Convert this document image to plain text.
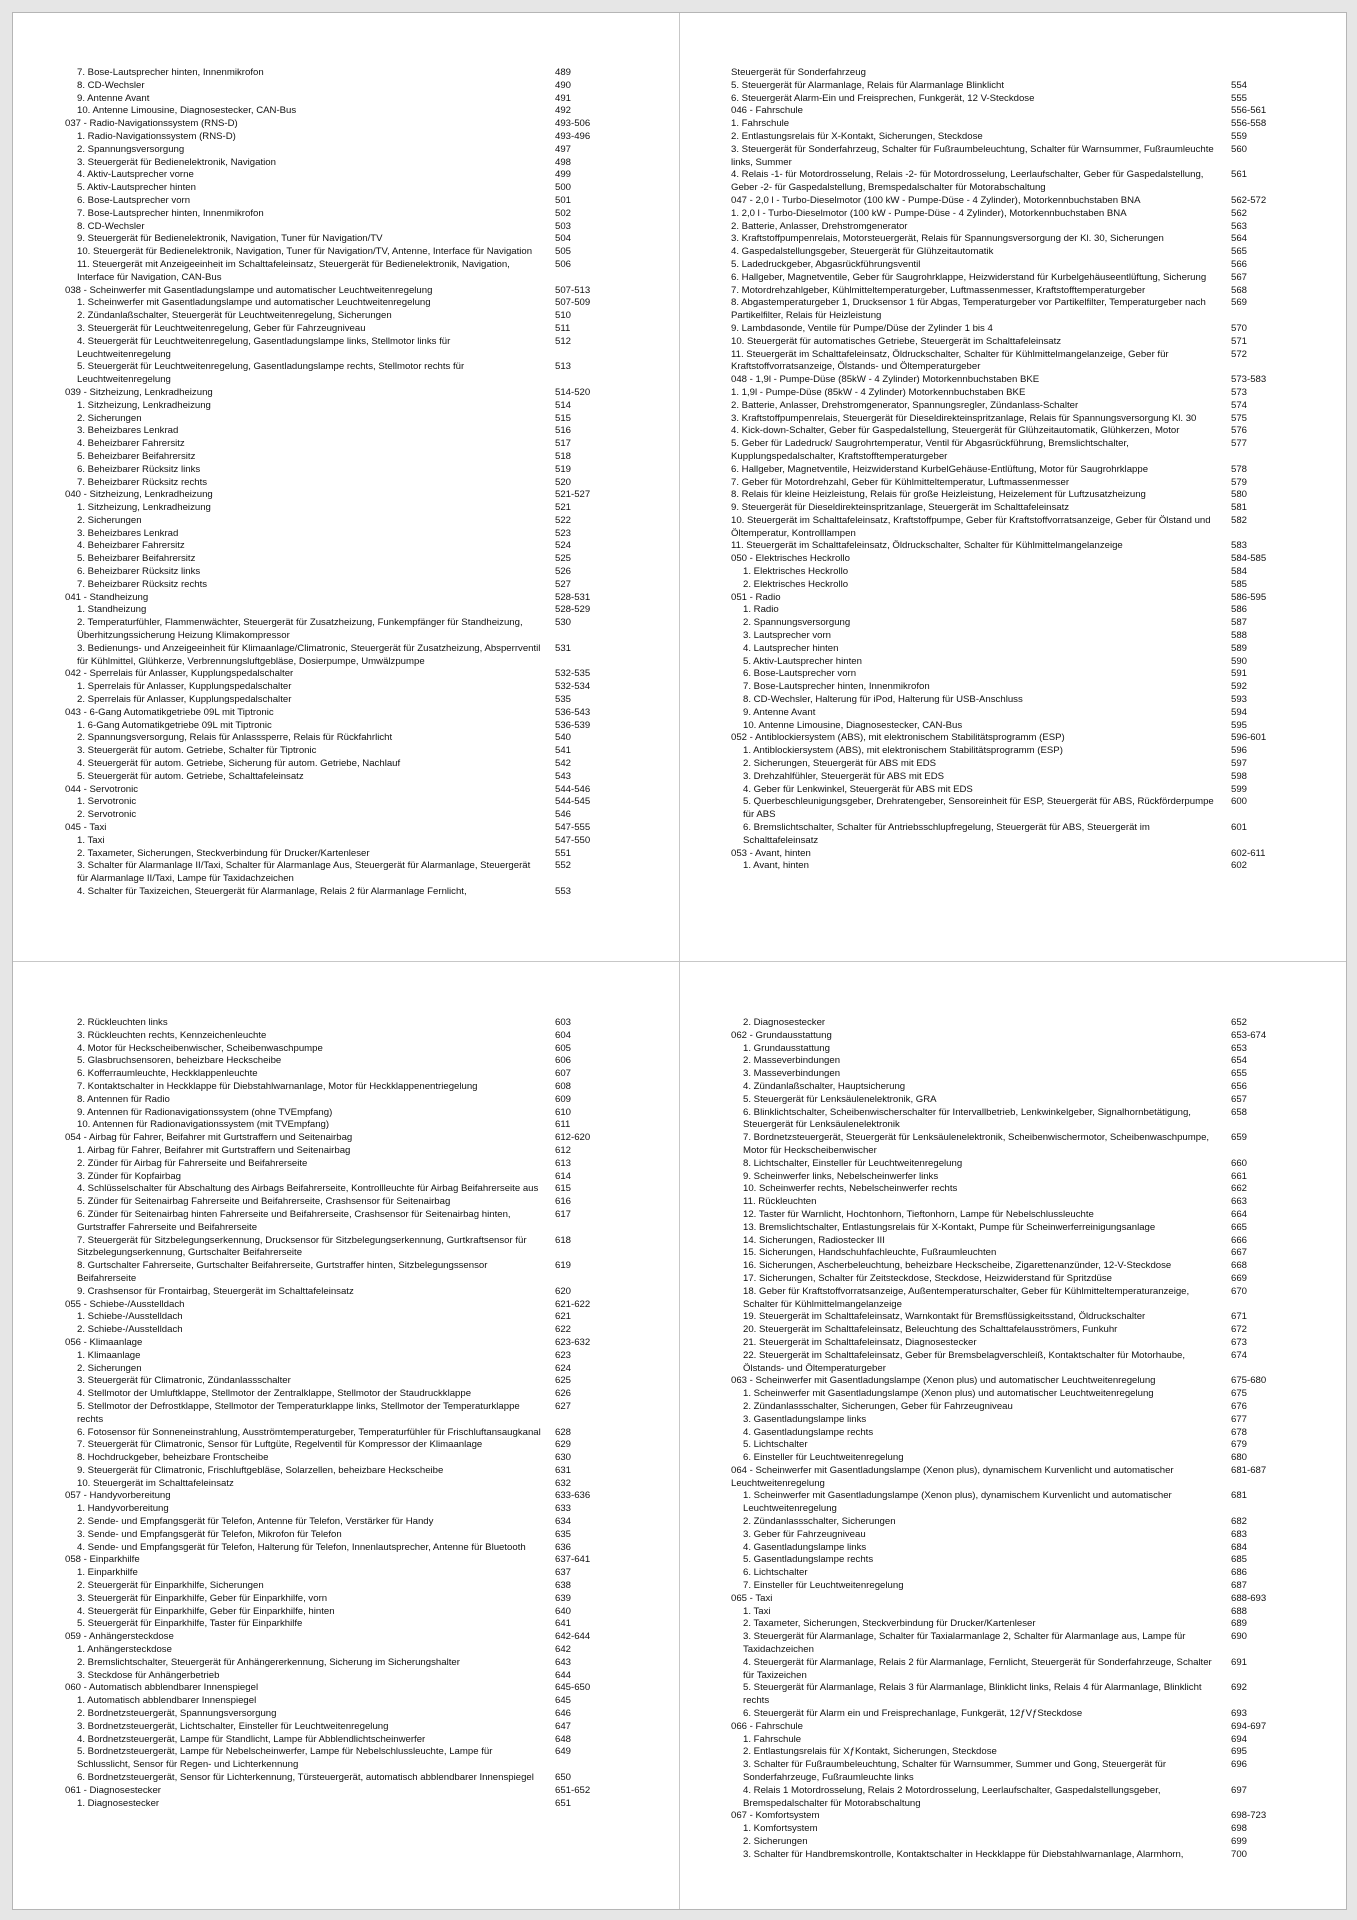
7. Bose-Lautsprecher hinten, Innenmikrofon	489
8. CD-Wechsler	490
9. Antenne Avant	491
10. Antenne Limousine, Diagnosestecker, CAN-Bus	492
037 - Radio-Navigationssystem (RNS-D)	493-506
1. Radio-Navigationssystem (RNS-D)	493-496
2. Spannungsversorgung	497
3. Steuergerät für Bedienelektronik, Navigation	498
4. Aktiv-Lautsprecher vorne	499
5. Aktiv-Lautsprecher hinten	500
6. Bose-Lautsprecher vorn	501
7. Bose-Lautsprecher hinten, Innenmikrofon	502
8. CD-Wechsler	503
9. Steuergerät für Bedienelektronik, Navigation, Tuner für Navigation/TV	504
10. Steuergerät für Bedienelektronik, Navigation, Tuner für Navigation/TV, Antenne, Interface für Navigation	505
11. Steuergerät mit Anzeigeeinheit im Schalttafeleinsatz, Steuergerät für Bedienelektronik, Navigation, Interface für Navigation, CAN-Bus
506
038 - Scheinwerfer mit Gasentladungslampe und automatischer Leuchtweitenregelung	507-513
1. Scheinwerfer mit Gasentladungslampe und automatischer Leuchtweitenregelung	507-509
2. Zündanlaßschalter, Steuergerät für Leuchtweitenregelung, Sicherungen	510
3. Steuergerät für Leuchtweitenregelung, Geber für Fahrzeugniveau	511
4. Steuergerät für Leuchtweitenregelung, Gasentladungslampe links, Stellmotor links für Leuchtweitenregelung
512
5. Steuergerät für Leuchtweitenregelung, Gasentladungslampe rechts, Stellmotor rechts für Leuchtweitenregelung
513
039 - Sitzheizung, Lenkradheizung	514-520
1. Sitzheizung, Lenkradheizung	514
2. Sicherungen	515
3. Beheizbares Lenkrad	516
4. Beheizbarer Fahrersitz	517
5. Beheizbarer Beifahrersitz	518
6. Beheizbarer Rücksitz links	519
7. Beheizbarer Rücksitz rechts	520
040 - Sitzheizung, Lenkradheizung	521-527
1. Sitzheizung, Lenkradheizung	521
2. Sicherungen	522
3. Beheizbares Lenkrad	523
4. Beheizbarer Fahrersitz	524
5. Beheizbarer Beifahrersitz	525
6. Beheizbarer Rücksitz links	526
7. Beheizbarer Rücksitz rechts	527
041 - Standheizung	528-531
1. Standheizung	528-529
2. Temperaturfühler, Flammenwächter, Steuergerät für Zusatzheizung, Funkempfänger für Standheizung, Überhitzungssicherung Heizung Klimakompressor
530
3. Bedienungs- und Anzeigeeinheit für Klimaanlage/Climatronic, Steuergerät für Zusatzheizung, Absperrventil für Kühlmittel, Glühkerze, Verbrennungsluftgebläse, Dosierpumpe, Umwälzpumpe
531
042 - Sperrelais für Anlasser, Kupplungspedalschalter	532-535
1. Sperrelais für Anlasser, Kupplungspedalschalter	532-534
2. Sperrelais für Anlasser, Kupplungspedalschalter	535
043 - 6-Gang Automatikgetriebe 09L mit Tiptronic	536-543
1. 6-Gang Automatikgetriebe 09L mit Tiptronic	536-539
2. Spannungsversorgung, Relais für Anlasssperre, Relais für Rückfahrlicht	540
3. Steuergerät für autom. Getriebe, Schalter für Tiptronic	541
4. Steuergerät für autom. Getriebe, Sicherung für autom. Getriebe, Nachlauf	542
5. Steuergerät für autom. Getriebe, Schalttafeleinsatz	543
044 - Servotronic	544-546
1. Servotronic	544-545
2. Servotronic	546
045 - Taxi	547-555
1. Taxi	547-550
2. Taxameter, Sicherungen, Steckverbindung für Drucker/Kartenleser	551
3. Schalter für Alarmanlage II/Taxi, Schalter für Alarmanlage Aus, Steuergerät für Alarmanlage, Steuergerät für Alarmanlage II/Taxi, Lampe für Taxidachzeichen
552
4. Schalter für Taxizeichen, Steuergerät für Alarmanlage, Relais 2 für Alarmanlage Fernlicht,	553
Steuergerät für Sonderfahrzeug
5. Steuergerät für Alarmanlage, Relais für Alarmanlage Blinklicht	554
6. Steuergerät Alarm-Ein und Freisprechen, Funkgerät, 12 V-Steckdose	555
046 - Fahrschule	556-561
1. Fahrschule	556-558
2. Entlastungsrelais für X-Kontakt, Sicherungen, Steckdose	559
3. Steuergerät für Sonderfahrzeug, Schalter für Fußraumbeleuchtung, Schalter für Warnsummer, Fußraumleuchte links, Summer
560
4. Relais -1- für Motordrosselung, Relais -2- für Motordrosselung, Leerlaufschalter, Geber für Gaspedalstellung, Geber -2- für Gaspedalstellung, Bremspedalschalter für Motorabschaltung
561
047 - 2,0 l - Turbo-Dieselmotor (100 kW - Pumpe-Düse - 4 Zylinder), Motorkennbuchstaben BNA	562-572
1. 2,0 l - Turbo-Dieselmotor (100 kW - Pumpe-Düse - 4 Zylinder), Motorkennbuchstaben BNA	562
2. Batterie, Anlasser, Drehstromgenerator	563
3. Kraftstoffpumpenrelais, Motorsteuergerät, Relais für Spannungsversorgung der Kl. 30, Sicherungen	564
4. Gaspedalstellungsgeber, Steuergerät für Glühzeitautomatik	565
5. Ladedruckgeber, Abgasrückführungsventil	566
6. Hallgeber, Magnetventile, Geber für Saugrohrklappe, Heizwiderstand für Kurbelgehäuseentlüftung, Sicherung	567
7. Motordrehzahlgeber, Kühlmitteltemperaturgeber, Luftmassenmesser, Kraftstofftemperaturgeber	568
8. Abgastemperaturgeber 1, Drucksensor 1 für Abgas, Temperaturgeber vor Partikelfilter, Temperaturgeber nach Partikelfilter, Relais für Heizleistung
569
9. Lambdasonde, Ventile für Pumpe/Düse der Zylinder 1 bis 4	570
10. Steuergerät für automatisches Getriebe, Steuergerät im Schalttafeleinsatz	571
11. Steuergerät im Schalttafeleinsatz, Öldruckschalter, Schalter für Kühlmittelmangelanzeige, Geber für Kraftstoffvorratsanzeige, Ölstands- und Öltemperaturgeber
572
048 - 1,9l - Pumpe-Düse (85kW - 4 Zylinder) Motorkennbuchstaben BKE	573-583
1. 1,9l - Pumpe-Düse (85kW - 4 Zylinder) Motorkennbuchstaben BKE	573
2. Batterie, Anlasser, Drehstromgenerator, Spannungsregler, Zündanlass-Schalter	574
3. Kraftstoffpumpenrelais, Steuergerät für Dieseldirekteinspritzanlage, Relais für Spannungsversorgung Kl. 30	575
4. Kick-down-Schalter, Geber für Gaspedalstellung, Steuergerät für Glühzeitautomatik, Glühkerzen, Motor	576
5. Geber für Ladedruck/ Saugrohrtemperatur, Ventil für Abgasrückführung, Bremslichtschalter, Kupplungspedalschalter, Kraftstofftemperaturgeber
577
6. Hallgeber, Magnetventile, Heizwiderstand KurbelGehäuse-Entlüftung, Motor für Saugrohrklappe	578
7. Geber für Motordrehzahl, Geber für Kühlmitteltemperatur, Luftmassenmesser	579
8. Relais für kleine Heizleistung, Relais für große Heizleistung, Heizelement für Luftzusatzheizung	580
9. Steuergerät für Dieseldirekteinspritzanlage, Steuergerät im Schalttafeleinsatz	581
10. Steuergerät im Schalttafeleinsatz, Kraftstoffpumpe, Geber für Kraftstoffvorratsanzeige, Geber für Ölstand und Öltemperatur, Kontrolllampen
582
11. Steuergerät im Schalttafeleinsatz, Öldruckschalter, Schalter für Kühlmittelmangelanzeige	583
050 - Elektrisches Heckrollo	584-585
1. Elektrisches Heckrollo	584
2. Elektrisches Heckrollo	585
051 - Radio	586-595
1. Radio	586
2. Spannungsversorgung	587
3. Lautsprecher vorn	588
4. Lautsprecher hinten	589
5. Aktiv-Lautsprecher hinten	590
6. Bose-Lautsprecher vorn	591
7. Bose-Lautsprecher hinten, Innenmikrofon	592
8. CD-Wechsler, Halterung für iPod, Halterung für USB-Anschluss	593
9. Antenne Avant	594
10. Antenne Limousine, Diagnosestecker, CAN-Bus	595
052 - Antiblockiersystem (ABS), mit elektronischem Stabilitätsprogramm (ESP)	596-601
1. Antiblockiersystem (ABS), mit elektronischem Stabilitätsprogramm (ESP)	596
2. Sicherungen, Steuergerät für ABS mit EDS	597
3. Drehzahlfühler, Steuergerät für ABS mit EDS	598
4. Geber für Lenkwinkel, Steuergerät für ABS mit EDS	599
5. Querbeschleunigungsgeber, Drehratengeber, Sensoreinheit für ESP, Steuergerät für ABS, Rückförderpumpe für ABS
600
6. Bremslichtschalter, Schalter für Antriebsschlupfregelung, Steuergerät für ABS, Steuergerät im Schalttafeleinsatz
601
053 - Avant, hinten	602-611
1. Avant, hinten	602
2. Rückleuchten links	603
3. Rückleuchten rechts, Kennzeichenleuchte	604
4. Motor für Heckscheibenwischer, Scheibenwaschpumpe	605
5. Glasbruchsensoren, beheizbare Heckscheibe	606
6. Kofferraumleuchte, Heckklappenleuchte	607
7. Kontaktschalter in Heckklappe für Diebstahlwarnanlage, Motor für Heckklappenentriegelung	608
8. Antennen für Radio	609
9. Antennen für Radionavigationssystem (ohne TVEmpfang)	610
10. Antennen für Radionavigationssystem (mit TVEmpfang)	611
054 - Airbag für Fahrer, Beifahrer mit Gurtstraffern und Seitenairbag	612-620
1. Airbag für Fahrer, Beifahrer mit Gurtstraffern und Seitenairbag	612
2. Zünder für Airbag für Fahrerseite und Beifahrerseite	613
3. Zünder für Kopfairbag	614
4. Schlüsselschalter für Abschaltung des Airbags Beifahrerseite, Kontrollleuchte für Airbag Beifahrerseite aus	615
5. Zünder für Seitenairbag Fahrerseite und Beifahrerseite, Crashsensor für Seitenairbag	616
6. Zünder für Seitenairbag hinten Fahrerseite und Beifahrerseite, Crashsensor für Seitenairbag hinten, Gurtstraffer Fahrerseite und Beifahrerseite
617
7. Steuergerät für Sitzbelegungserkennung, Drucksensor für Sitzbelegungserkennung, Gurtkraftsensor für Sitzbelegungserkennung, Gurtschalter Beifahrerseite
618
8. Gurtschalter Fahrerseite, Gurtschalter Beifahrerseite, Gurtstraffer hinten, Sitzbelegungssensor Beifahrerseite
619
9. Crashsensor für Frontairbag, Steuergerät im Schalttafeleinsatz	620
055 - Schiebe-/Ausstelldach	621-622
1. Schiebe-/Ausstelldach	621
2. Schiebe-/Ausstelldach	622
056 - Klimaanlage	623-632
1. Klimaanlage	623
2. Sicherungen	624
3. Steuergerät für Climatronic, Zündanlassschalter	625
4. Stellmotor der Umluftklappe, Stellmotor der Zentralklappe, Stellmotor der Staudruckklappe	626
5. Stellmotor der Defrostklappe, Stellmotor der Temperaturklappe links, Stellmotor der Temperaturklappe rechts
627
6. Fotosensor für Sonneneinstrahlung, Ausströmtemperaturgeber, Temperaturfühler für Frischluftansaugkanal	628
7. Steuergerät für Climatronic, Sensor für Luftgüte, Regelventil für Kompressor der Klimaanlage	629
8. Hochdruckgeber, beheizbare Frontscheibe	630
9. Steuergerät für Climatronic, Frischluftgebläse, Solarzellen, beheizbare Heckscheibe	631
10. Steuergerät im Schalttafeleinsatz	632
057 - Handyvorbereitung	633-636
1. Handyvorbereitung	633
2. Sende- und Empfangsgerät für Telefon, Antenne für Telefon, Verstärker für Handy	634
3. Sende- und Empfangsgerät für Telefon, Mikrofon für Telefon	635
4. Sende- und Empfangsgerät für Telefon, Halterung für Telefon, Innenlautsprecher, Antenne für Bluetooth	636
058 - Einparkhilfe	637-641
1. Einparkhilfe	637
2. Steuergerät für Einparkhilfe, Sicherungen	638
3. Steuergerät für Einparkhilfe, Geber für Einparkhilfe, vorn	639
4. Steuergerät für Einparkhilfe, Geber für Einparkhilfe, hinten	640
5. Steuergerät für Einparkhilfe, Taster für Einparkhilfe	641
059 - Anhängersteckdose	642-644
1. Anhängersteckdose	642
2. Bremslichtschalter, Steuergerät für Anhängererkennung, Sicherung im Sicherungshalter	643
3. Steckdose für Anhängerbetrieb	644
060 - Automatisch abblendbarer Innenspiegel	645-650
1. Automatisch abblendbarer Innenspiegel	645
2. Bordnetzsteuergerät, Spannungsversorgung	646
3. Bordnetzsteuergerät, Lichtschalter, Einsteller für Leuchtweitenregelung	647
4. Bordnetzsteuergerät, Lampe für Standlicht, Lampe für Abblendlichtscheinwerfer	648
5. Bordnetzsteuergerät, Lampe für Nebelscheinwerfer, Lampe für Nebelschlussleuchte, Lampe für Schlusslicht, Sensor für Regen- und Lichterkennung
649
6. Bordnetzsteuergerät, Sensor für Lichterkennung, Türsteuergerät, automatisch abblendbarer Innenspiegel	650
061 - Diagnosestecker	651-652
1. Diagnosestecker	651
2. Diagnosestecker	652
062 - Grundausstattung	653-674
1. Grundausstattung	653
2. Masseverbindungen	654
3. Masseverbindungen	655
4. Zündanlaßschalter, Hauptsicherung	656
5. Steuergerät für Lenksäulenelektronik, GRA	657
6. Blinklichtschalter, Scheibenwischerschalter für Intervallbetrieb, Lenkwinkelgeber, Signalhornbetätigung, Steuergerät für Lenksäulenelektronik
658
7. Bordnetzsteuergerät, Steuergerät für Lenksäulenelektronik, Scheibenwischermotor, Scheibenwaschpumpe, Motor für Heckscheibenwischer
659
8. Lichtschalter, Einsteller für Leuchtweitenregelung	660
9. Scheinwerfer links, Nebelscheinwerfer links	661
10. Scheinwerfer rechts, Nebelscheinwerfer rechts	662
11. Rückleuchten	663
12. Taster für Warnlicht, Hochtonhorn, Tieftonhorn, Lampe für Nebelschlussleuchte	664
13. Bremslichtschalter, Entlastungsrelais für X-Kontakt, Pumpe für Scheinwerferreinigungsanlage	665
14. Sicherungen, Radiostecker III	666
15. Sicherungen, Handschuhfachleuchte, Fußraumleuchten	667
16. Sicherungen, Ascherbeleuchtung, beheizbare Heckscheibe, Zigarettenanzünder, 12-V-Steckdose	668
17. Sicherungen, Schalter für Zeitsteckdose, Steckdose, Heizwiderstand für Spritzdüse	669
18. Geber für Kraftstoffvorratsanzeige, Außentemperaturschalter, Geber für Kühlmitteltemperaturanzeige, Schalter für Kühlmittelmangelanzeige
670
19. Steuergerät im Schalttafeleinsatz, Warnkontakt für Bremsflüssigkeitsstand, Öldruckschalter	671
20. Steuergerät im Schalttafeleinsatz, Beleuchtung des Schalttafelausströmers, Funkuhr	672
21. Steuergerät im Schalttafeleinsatz, Diagnosestecker	673
22. Steuergerät im Schalttafeleinsatz, Geber für Bremsbelagverschleiß, Kontaktschalter für Motorhaube, Ölstands- und Öltemperaturgeber
674
063 - Scheinwerfer mit Gasentladungslampe (Xenon plus) und automatischer Leuchtweitenregelung	675-680
1. Scheinwerfer mit Gasentladungslampe (Xenon plus) und automatischer Leuchtweitenregelung	675
2. Zündanlassschalter, Sicherungen, Geber für Fahrzeugniveau	676
3. Gasentladungslampe links	677
4. Gasentladungslampe rechts	678
5. Lichtschalter	679
6. Einsteller für Leuchtweitenregelung	680
064 - Scheinwerfer mit Gasentladungslampe (Xenon plus), dynamischem Kurvenlicht und automatischer Leuchtweitenregelung
681-687
1. Scheinwerfer mit Gasentladungslampe (Xenon plus), dynamischem Kurvenlicht und automatischer Leuchtweitenregelung
681
2. Zündanlassschalter, Sicherungen	682
3. Geber für Fahrzeugniveau	683
4. Gasentladungslampe links	684
5. Gasentladungslampe rechts	685
6. Lichtschalter	686
7. Einsteller für Leuchtweitenregelung	687
065 - Taxi	688-693
1. Taxi	688
2. Taxameter, Sicherungen, Steckverbindung für Drucker/Kartenleser	689
3. Steuergerät für Alarmanlage, Schalter für Taxialarmanlage 2, Schalter für Alarmanlage aus, Lampe für Taxidachzeichen
690
4. Steuergerät für Alarmanlage, Relais 2 für Alarmanlage, Fernlicht, Steuergerät für Sonderfahrzeuge, Schalter für Taxizeichen
691
5. Steuergerät für Alarmanlage, Relais 3 für Alarmanlage, Blinklicht links, Relais 4 für Alarmanlage, Blinklicht rechts
692
6. Steuergerät für Alarm ein und Freisprechanlage, Funkgerät, 12ƒVƒSteckdose	693
066 - Fahrschule	694-697
1. Fahrschule	694
2. Entlastungsrelais für XƒKontakt, Sicherungen, Steckdose	695
3. Schalter für Fußraumbeleuchtung, Schalter für Warnsummer, Summer und Gong, Steuergerät für Sonderfahrzeuge, Fußraumleuchte links
696
4. Relais 1 Motordrosselung, Relais 2 Motordrosselung, Leerlaufschalter, Gaspedalstellungsgeber, Bremspedalschalter für Motorabschaltung
697
067 - Komfortsystem	698-723
1. Komfortsystem	698
2. Sicherungen	699
3. Schalter für Handbremskontrolle, Kontaktschalter in Heckklappe für Diebstahlwarnanlage, Alarmhorn,	700
